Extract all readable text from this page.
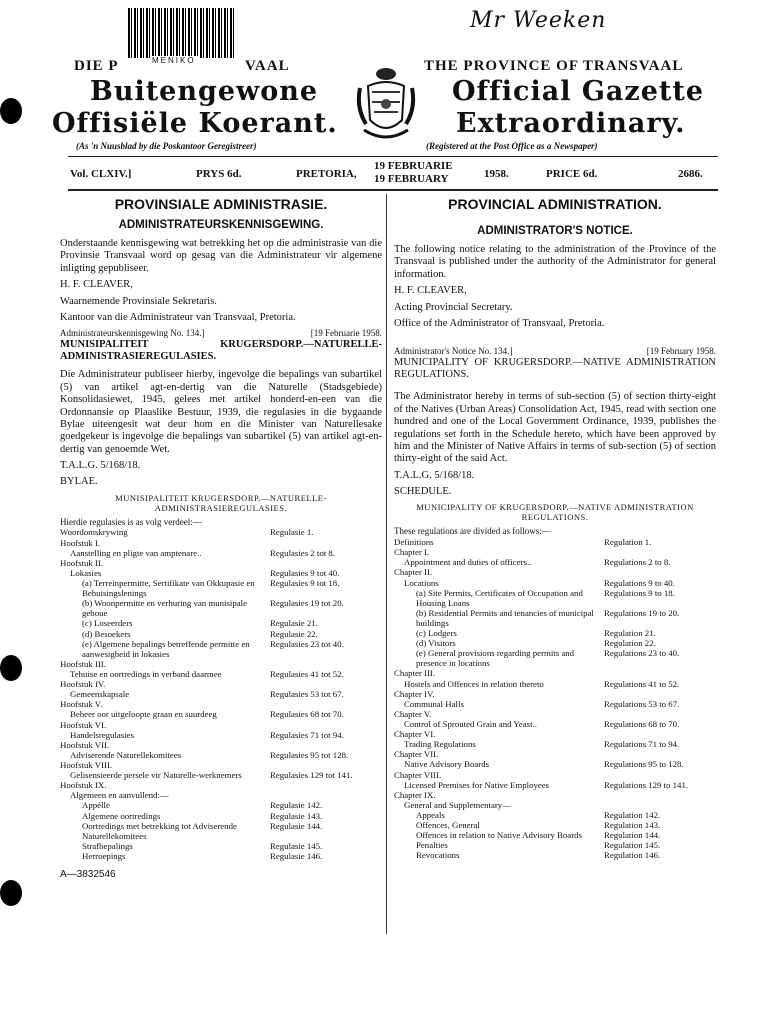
Mr Weeken
MENIKO
DIE P	VAAL
Buitengewone
Offisiële Koerant.
(As 'n Nuusblad by die Poskantoor Geregistreer)
THE PROVINCE OF TRANSVAAL
Official Gazette
Extraordinary.
(Registered at the Post Office as a Newspaper)
Vol. CLXIV.]	PRYS 6d.	PRETORIA,
19 FEBRUARIE
19 FEBRUARY	1958.	PRICE 6d.	2686.
PROVINSIALE ADMINISTRASIE.
ADMINISTRATEURSKENNISGEWING.

Onderstaande kennisgewing wat betrekking het op die administrasie van die Provinsie Transvaal word op gesag van die Administrateur vir algemene inligting gepubliseer.

H. F. CLEAVER,

Waarnemende Provinsiale Sekretaris.

Kantoor van die Administrateur van Transvaal, Pretoria.

Administrateurskennisgewing No. 134.]	[19 Februarie 1958.

MUNISIPALITEIT KRUGERSDORP.—NATURELLE-ADMINISTRASIEREGULASIES.

Die Administrateur publiseer hierby, ingevolge die bepalings van subartikel (5) van artikel agt-en-dertig van die Naturelle (Stadsgebiede) Konsolidasiewet, 1945, gelees met artikel honderd-en-een van die Ordonnansie op Plaaslike Bestuur, 1939, die regulasies in die bygaande Bylae uiteengesit wat deur hom en die Minister van Naturellesake goedgekeur is ingevolge die bepalings van subartikel (5) van artikel agt-en-dertig van genoemde Wet.

T.A.L.G. 5/168/18.

BYLAE.

MUNISIPALITEIT KRUGERSDORP.—NATURELLE-ADMINISTRASIEREGULASIES.
Hierdie regulasies is as volg verdeel:—
Woordomskrywing	Regulasie 1.
Hoofstuk I.
Aanstelling en pligte van amptenare..	Regulasies 2 tot 8.
Hoofstuk II.
Lokasies	Regulasies 9 tot 40.
(a) Terreinpermitte, Sertifikate van Okkupasie en Behuisingslenings
Regulasies 9 tot 18.
(b) Woonpermitte en verhuring van munisipale geboue
Regulasies 19 tot 20.
(c) Loseerders	Regulasie 21.
(d) Besoekers	Regulasie 22.
(e) Algemene bepalings betreffende permitte en aanwesigheid in lokasies
Regulasies 23 tot 40.
Hoofstuk III.
Tehuise en oortredings in verband daarmee	Regulasies 41 tot 52.
Hoofstuk IV.
Gemeenskapsale	Regulasies 53 tot 67.
Hoofstuk V.
Beheer oor uitgeloopte graan en suurdeeg	Regulasies 68 tot 70.
Hoofstuk VI.
Handelsregulasies	Regulasies 71 tot 94.
Hoofstuk VII.
Adviserende Naturellekomitees	Regulasies 95 tot 128.
Hoofstuk VIII.
Gelisensieerde persele vir Naturelle-werknemers	Regulasies 129 tot 141.
Hoofstuk IX.
Algemeen en aanvullend:—
Appèlle	Regulasie 142.
Algemene oortredings	Regulasie 143.
Oortredings met betrekking tot Adviserende Naturellekomitees
Regulasie 144.
Strafbepalings	Regulasie 145.
Herroepings	Regulasie 146.
A—3832546
PROVINCIAL ADMINISTRATION.
ADMINISTRATOR'S NOTICE.

The following notice relating to the administration of the Province of the Transvaal is published under the authority of the Administrator for general information.

H. F. CLEAVER,

Acting Provincial Secretary.

Office of the Administrator of Transvaal, Pretoria.

Administrator's Notice No. 134.]	[19 February 1958.

MUNICIPALITY OF KRUGERSDORP.—NATIVE ADMINISTRATION REGULATIONS.

The Administrator hereby in terms of sub-section (5) of section thirty-eight of the Natives (Urban Areas) Consolidation Act, 1945, read with section one hundred and one of the Local Government Ordinance, 1939, publishes the regulations set forth in the Schedule hereto, which have been approved by him and the Minister of Native Affairs in terms of sub-section (5) of section thirty-eight of the said Act.

T.A.L.G. 5/168/18.

SCHEDULE.

MUNICIPALITY OF KRUGERSDORP.—NATIVE ADMINISTRATION REGULATIONS.
These regulations are divided as follows:—
Definitions	Regulation 1.
Chapter I.
Appointment and duties of officers..	Regulations 2 to 8.
Chapter II.
Locations	Regulations 9 to 40.
(a) Site Permits, Certificates of Occupation and Housing Loans
Regulations 9 to 18.
(b) Residential Permits and tenancies of municipal buildings
Regulations 19 to 20.
(c) Lodgers	Regulation 21.
(d) Visitors	Regulation 22.
(e) General provisions regarding permits and presence in locations
Regulations 23 to 40.
Chapter III.
Hostels and Offences in relation thereto	Regulations 41 to 52.
Chapter IV.
Communal Halls	Regulations 53 to 67.
Chapter V.
Control of Sprouted Grain and Yeast..	Regulations 68 to 70.
Chapter VI.
Trading Regulations	Regulations 71 to 94.
Chapter VII.
Native Advisory Boards	Regulations 95 to 128.
Chapter VIII.
Licensed Premises for Native Employees	Regulations 129 to 141.
Chapter IX.
General and Supplementary—
Appeals	Regulation 142.
Offences, General	Regulation 143.
Offences in relation to Native Advisory Boards	Regulation 144.
Penalties	Regulation 145.
Revocations	Regulation 146.
